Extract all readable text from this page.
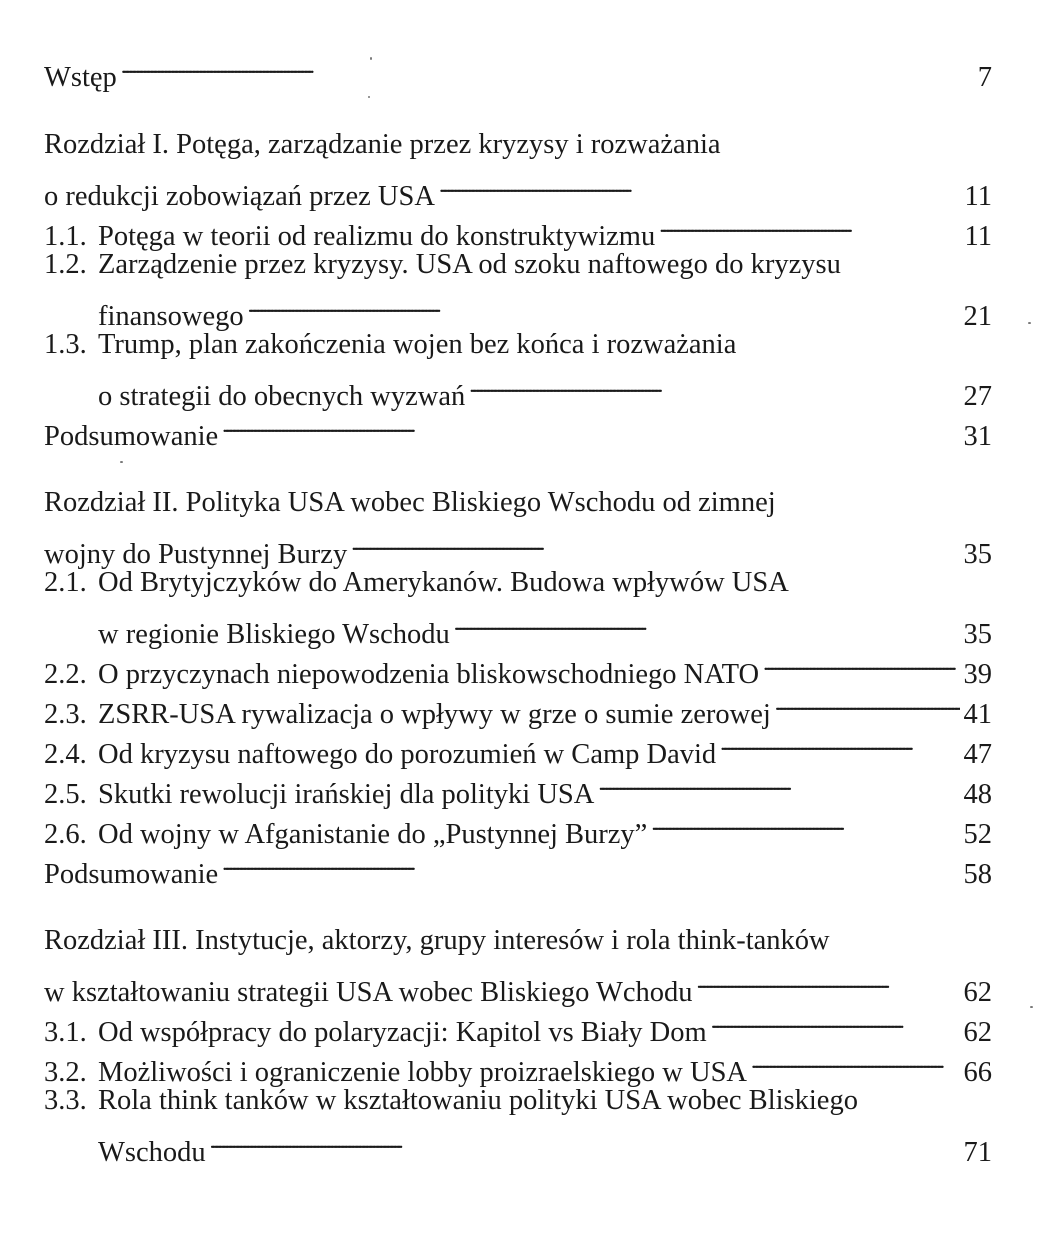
Wstęp . . .	7
Rozdział I. Potęga, zarządzanie przez kryzysy i rozważania
o redukcji zobowiązań przez USA . . .	11
1.1. Potęga w teorii od realizmu do konstruktywizmu . . .	11
1.2. Zarządzenie przez kryzysy. USA od szoku naftowego do kryzysu
finansowego . . .	21
1.3. Trump, plan zakończenia wojen bez końca i rozważania
o strategii do obecnych wyzwań . . .	27
Podsumowanie . . .	31
Rozdział II. Polityka USA wobec Bliskiego Wschodu od zimnej
wojny do Pustynnej Burzy . . .	35
2.1. Od Brytyjczyków do Amerykanów. Budowa wpływów USA
w regionie Bliskiego Wschodu . . .	35
2.2. O przyczynach niepowodzenia bliskowschodniego NATO . . .	39
2.3. ZSRR-USA rywalizacja o wpływy w grze o sumie zerowej . . .	41
2.4. Od kryzysu naftowego do porozumień w Camp David . . .	47
2.5. Skutki rewolucji irańskiej dla polityki USA . . .	48
2.6. Od wojny w Afganistanie do „Pustynnej Burzy” . . .	52
Podsumowanie . . .	58
Rozdział III. Instytucje, aktorzy, grupy interesów i rola think-tanków
w kształtowaniu strategii USA wobec Bliskiego Wchodu . . .	62
3.1. Od współpracy do polaryzacji: Kapitol vs Biały Dom . . .	62
3.2. Możliwości i ograniczenie lobby proizraelskiego w USA . . .	66
3.3. Rola think tanków w kształtowaniu polityki USA wobec Bliskiego
Wschodu . . .	71
